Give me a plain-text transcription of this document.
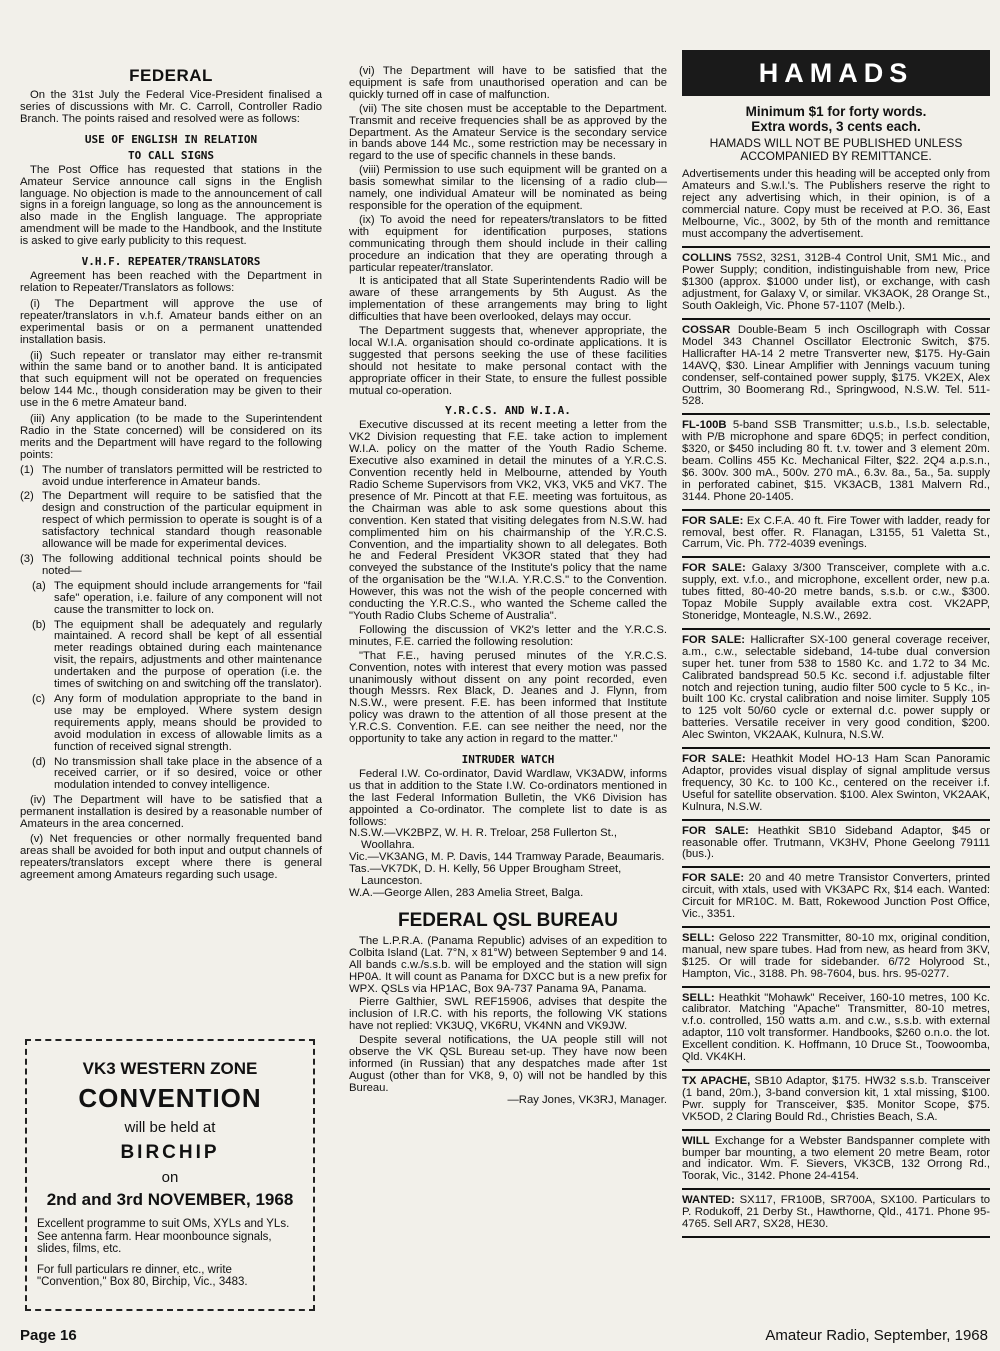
FEDERAL

On the 31st July the Federal Vice-President finalised a series of discussions with Mr. C. Carroll, Controller Radio Branch. The points raised and resolved were as follows:

USE OF ENGLISH IN RELATION
TO CALL SIGNS

The Post Office has requested that stations in the Amateur Service announce call signs in the English language. No objection is made to the announcement of call signs in a foreign language, so long as the announcement is also made in the English language. The appropriate amendment will be made to the Handbook, and the Institute is asked to give early publicity to this request.

V.H.F. REPEATER/TRANSLATORS

Agreement has been reached with the Department in relation to Repeater/Translators as follows:

(i) The Department will approve the use of repeater/translators in v.h.f. Amateur bands either on an experimental basis or on a permanent unattended installation basis.

(ii) Such repeater or translator may either re-transmit within the same band or to another band. It is anticipated that such equipment will not be operated on frequencies below 144 Mc., though consideration may be given to their use in the 6 metre Amateur band.

(iii) Any application (to be made to the Superintendent Radio in the State concerned) will be considered on its merits and the Department will have regard to the following points:

(1) The number of translators permitted will be restricted to avoid undue interference in Amateur bands.
(2) The Department will require to be satisfied that the design and construction of the particular equipment in respect of which permission to operate is sought is of a satisfactory technical standard though reasonable allowance will be made for experimental devices.
(3) The following additional technical points should be noted—
(a) The equipment should include arrangements for "fail safe" operation, i.e. failure of any component will not cause the transmitter to lock on.
(b) The equipment shall be adequately and regularly maintained. A record shall be kept of all essential meter readings obtained during each maintenance visit, the repairs, adjustments and other maintenance undertaken and the purpose of operation (i.e. the times of switching on and switching off the translator).
(c) Any form of modulation appropriate to the band in use may be employed. Where system design requirements apply, means should be provided to avoid modulation in excess of allowable limits as a function of received signal strength.
(d) No transmission shall take place in the absence of a received carrier, or if so desired, voice or other modulation intended to convey intelligence.

(iv) The Department will have to be satisfied that a permanent installation is desired by a reasonable number of Amateurs in the area concerned.

(v) Net frequencies or other normally frequented band areas shall be avoided for both input and output channels of repeaters/translators except where there is general agreement among Amateurs regarding such usage.

VK3 WESTERN ZONE
CONVENTION
will be held at
BIRCHIP
on
2nd and 3rd NOVEMBER, 1968
Excellent programme to suit OMs, XYLs and YLs. See antenna farm. Hear moonbounce signals, slides, films, etc.
For full particulars re dinner, etc., write "Convention," Box 80, Birchip, Vic., 3483.

(vi) The Department will have to be satisfied that the equipment is safe from unauthorised operation and can be quickly turned off in case of malfunction.

(vii) The site chosen must be acceptable to the Department. Transmit and receive frequencies shall be as approved by the Department. As the Amateur Service is the secondary service in bands above 144 Mc., some restriction may be necessary in regard to the use of specific channels in these bands.

(viii) Permission to use such equipment will be granted on a basis somewhat similar to the licensing of a radio club—namely, one individual Amateur will be nominated as being responsible for the operation of the equipment.

(ix) To avoid the need for repeaters/translators to be fitted with equipment for identification purposes, stations communicating through them should include in their calling procedure an indication that they are operating through a particular repeater/translator.

It is anticipated that all State Superintendents Radio will be aware of these arrangements by 5th August. As the implementation of these arrangements may bring to light difficulties that have been overlooked, delays may occur.

The Department suggests that, whenever appropriate, the local W.I.A. organisation should co-ordinate applications. It is suggested that persons seeking the use of these facilities should not hesitate to make personal contact with the appropriate officer in their State, to ensure the fullest possible mutual co-operation.

Y.R.C.S. AND W.I.A.

Executive discussed at its recent meeting a letter from the VK2 Division requesting that F.E. take action to implement W.I.A. policy on the matter of the Youth Radio Scheme. Executive also examined in detail the minutes of a Y.R.C.S. Convention recently held in Melbourne, attended by Youth Radio Scheme Supervisors from VK2, VK3, VK5 and VK7. The presence of Mr. Pincott at that F.E. meeting was fortuitous, as the Chairman was able to ask some questions about this convention. Ken stated that visiting delegates from N.S.W. had complimented him on his chairmanship of the Y.R.C.S. Convention, and the impartiality shown to all delegates. Both he and Federal President VK3OR stated that they had conveyed the substance of the Institute's policy that the name of the organisation be the "W.I.A. Y.R.C.S." to the Convention. However, this was not the wish of the people concerned with conducting the Y.R.C.S., who wanted the Scheme called the "Youth Radio Clubs Scheme of Australia".

Following the discussion of VK2's letter and the Y.R.C.S. minutes, F.E. carried the following resolution:

"That F.E., having perused minutes of the Y.R.C.S. Convention, notes with interest that every motion was passed unanimously without dissent on any point recorded, even though Messrs. Rex Black, D. Jeanes and J. Flynn, from N.S.W., were present. F.E. has been informed that Institute policy was drawn to the attention of all those present at the Y.R.C.S. Convention. F.E. can see neither the need, nor the opportunity to take any action in regard to the matter."

INTRUDER WATCH

Federal I.W. Co-ordinator, David Wardlaw, VK3ADW, informs us that in addition to the State I.W. Co-ordinators mentioned in the last Federal Information Bulletin, the VK6 Division has appointed a Co-ordinator. The complete list to date is as follows:

N.S.W.—VK2BPZ, W. H. R. Treloar, 258 Fullerton St., Woollahra.
Vic.—VK3ANG, M. P. Davis, 144 Tramway Parade, Beaumaris.
Tas.—VK7DK, D. H. Kelly, 56 Upper Brougham Street, Launceston.
W.A.—George Allen, 283 Amelia Street, Balga.
FEDERAL QSL BUREAU

The L.P.R.A. (Panama Republic) advises of an expedition to Colbita Island (Lat. 7°N, x 81°W) between September 9 and 14. All bands c.w./s.s.b. will be employed and the station will sign HP0A. It will count as Panama for DXCC but is a new prefix for WPX. QSLs via HP1AC, Box 9A-737 Panama 9A, Panama.

Pierre Galthier, SWL REF15906, advises that despite the inclusion of I.R.C. with his reports, the following VK stations have not replied: VK3UQ, VK6RU, VK4NN and VK9JW.

Despite several notifications, the UA people still will not observe the VK QSL Bureau set-up. They have now been informed (in Russian) that any despatches made after 1st August (other than for VK8, 9, 0) will not be handled by this Bureau.

—Ray Jones, VK3RJ, Manager.
HAMADS
Minimum $1 for forty words.
Extra words, 3 cents each.
HAMADS WILL NOT BE PUBLISHED UNLESS
ACCOMPANIED BY REMITTANCE.
Advertisements under this heading will be accepted only from Amateurs and S.w.l.'s. The Publishers reserve the right to reject any advertising which, in their opinion, is of a commercial nature. Copy must be received at P.O. 36, East Melbourne, Vic., 3002, by 5th of the month and remittance must accompany the advertisement.
COLLINS 75S2, 32S1, 312B-4 Control Unit, SM1 Mic., and Power Supply; condition, indistinguishable from new, Price $1300 (approx. $1000 under list), or exchange, with cash adjustment, for Galaxy V, or similar. VK3AOK, 28 Orange St., South Oakleigh, Vic. Phone 57-1107 (Melb.).
COSSAR Double-Beam 5 inch Oscillograph with Cossar Model 343 Channel Oscillator Electronic Switch, $75. Hallicrafter HA-14 2 metre Transverter new, $175. Hy-Gain 14AVQ, $30. Linear Amplifier with Jennings vacuum tuning condenser, self-contained power supply, $175. VK2EX, Alex Outtrim, 30 Boomerang Rd., Springwood, N.S.W. Tel. 511-528.
FL-100B 5-band SSB Transmitter; u.s.b., l.s.b. selectable, with P/B microphone and spare 6DQ5; in perfect condition, $320, or $450 including 80 ft. t.v. tower and 3 element 20m. beam. Collins 455 Kc. Mechanical Filter, $22. 2Q4 a.p.s.n., $6. 300v. 300 mA., 500v. 270 mA., 6.3v. 8a., 5a., 5a. supply in perforated cabinet, $15. VK3ACB, 1381 Malvern Rd., 3144. Phone 20-1405.
FOR SALE: Ex C.F.A. 40 ft. Fire Tower with ladder, ready for removal, best offer. R. Flanagan, L3155, 51 Valetta St., Carrum, Vic. Ph. 772-4039 evenings.
FOR SALE: Galaxy 3/300 Transceiver, complete with a.c. supply, ext. v.f.o., and microphone, excellent order, new p.a. tubes fitted, 80-40-20 metre bands, s.s.b. or c.w., $300. Topaz Mobile Supply available extra cost. VK2APP, Stoneridge, Monteagle, N.S.W., 2692.
FOR SALE: Hallicrafter SX-100 general coverage receiver, a.m., c.w., selectable sideband, 14-tube dual conversion super het. tuner from 538 to 1580 Kc. and 1.72 to 34 Mc. Calibrated bandspread 50.5 Kc. second i.f. adjustable filter notch and rejection tuning, audio filter 500 cycle to 5 Kc., in-built 100 Kc. crystal calibration and noise limiter. Supply 105 to 125 volt 50/60 cycle or external d.c. power supply or batteries. Versatile receiver in very good condition, $200. Alec Swinton, VK2AAK, Kulnura, N.S.W.
FOR SALE: Heathkit Model HO-13 Ham Scan Panoramic Adaptor, provides visual display of signal amplitude versus frequency, 30 Kc. to 100 Kc., centered on the receiver i.f. Useful for satellite observation. $100. Alex Swinton, VK2AAK, Kulnura, N.S.W.
FOR SALE: Heathkit SB10 Sideband Adaptor, $45 or reasonable offer. Trutmann, VK3HV, Phone Geelong 79111 (bus.).
FOR SALE: 20 and 40 metre Transistor Converters, printed circuit, with xtals, used with VK3APC Rx, $14 each. Wanted: Circuit for MR10C. M. Batt, Rokewood Junction Post Office, Vic., 3351.
SELL: Geloso 222 Transmitter, 80-10 mx, original condition, manual, new spare tubes. Had from new, as heard from 3KV, $125. Or will trade for sidebander. 6/72 Holyrood St., Hampton, Vic., 3188. Ph. 98-7604, bus. hrs. 95-0277.
SELL: Heathkit "Mohawk" Receiver, 160-10 metres, 100 Kc. calibrator. Matching "Apache" Transmitter, 80-10 metres, v.f.o. controlled, 150 watts a.m. and c.w., s.s.b. with external adaptor, 110 volt transformer. Handbooks, $260 o.n.o. the lot. Excellent condition. K. Hoffmann, 10 Druce St., Toowoomba, Qld. VK4KH.
TX APACHE, SB10 Adaptor, $175. HW32 s.s.b. Transceiver (1 band, 20m.), 3-band conversion kit, 1 xtal missing, $100. Pwr. supply for Transceiver, $35. Monitor Scope, $75. VK5OD, 2 Claring Bould Rd., Christies Beach, S.A.
WILL Exchange for a Webster Bandspanner complete with bumper bar mounting, a two element 20 metre Beam, rotor and indicator. Wm. F. Sievers, VK3CB, 132 Orrong Rd., Toorak, Vic., 3142. Phone 24-4154.
WANTED: SX117, FR100B, SR700A, SX100. Particulars to P. Rodukoff, 21 Derby St., Hawthorne, Qld., 4171. Phone 95-4765. Sell AR7, SX28, HE30.
Page 16	Amateur Radio, September, 1968
